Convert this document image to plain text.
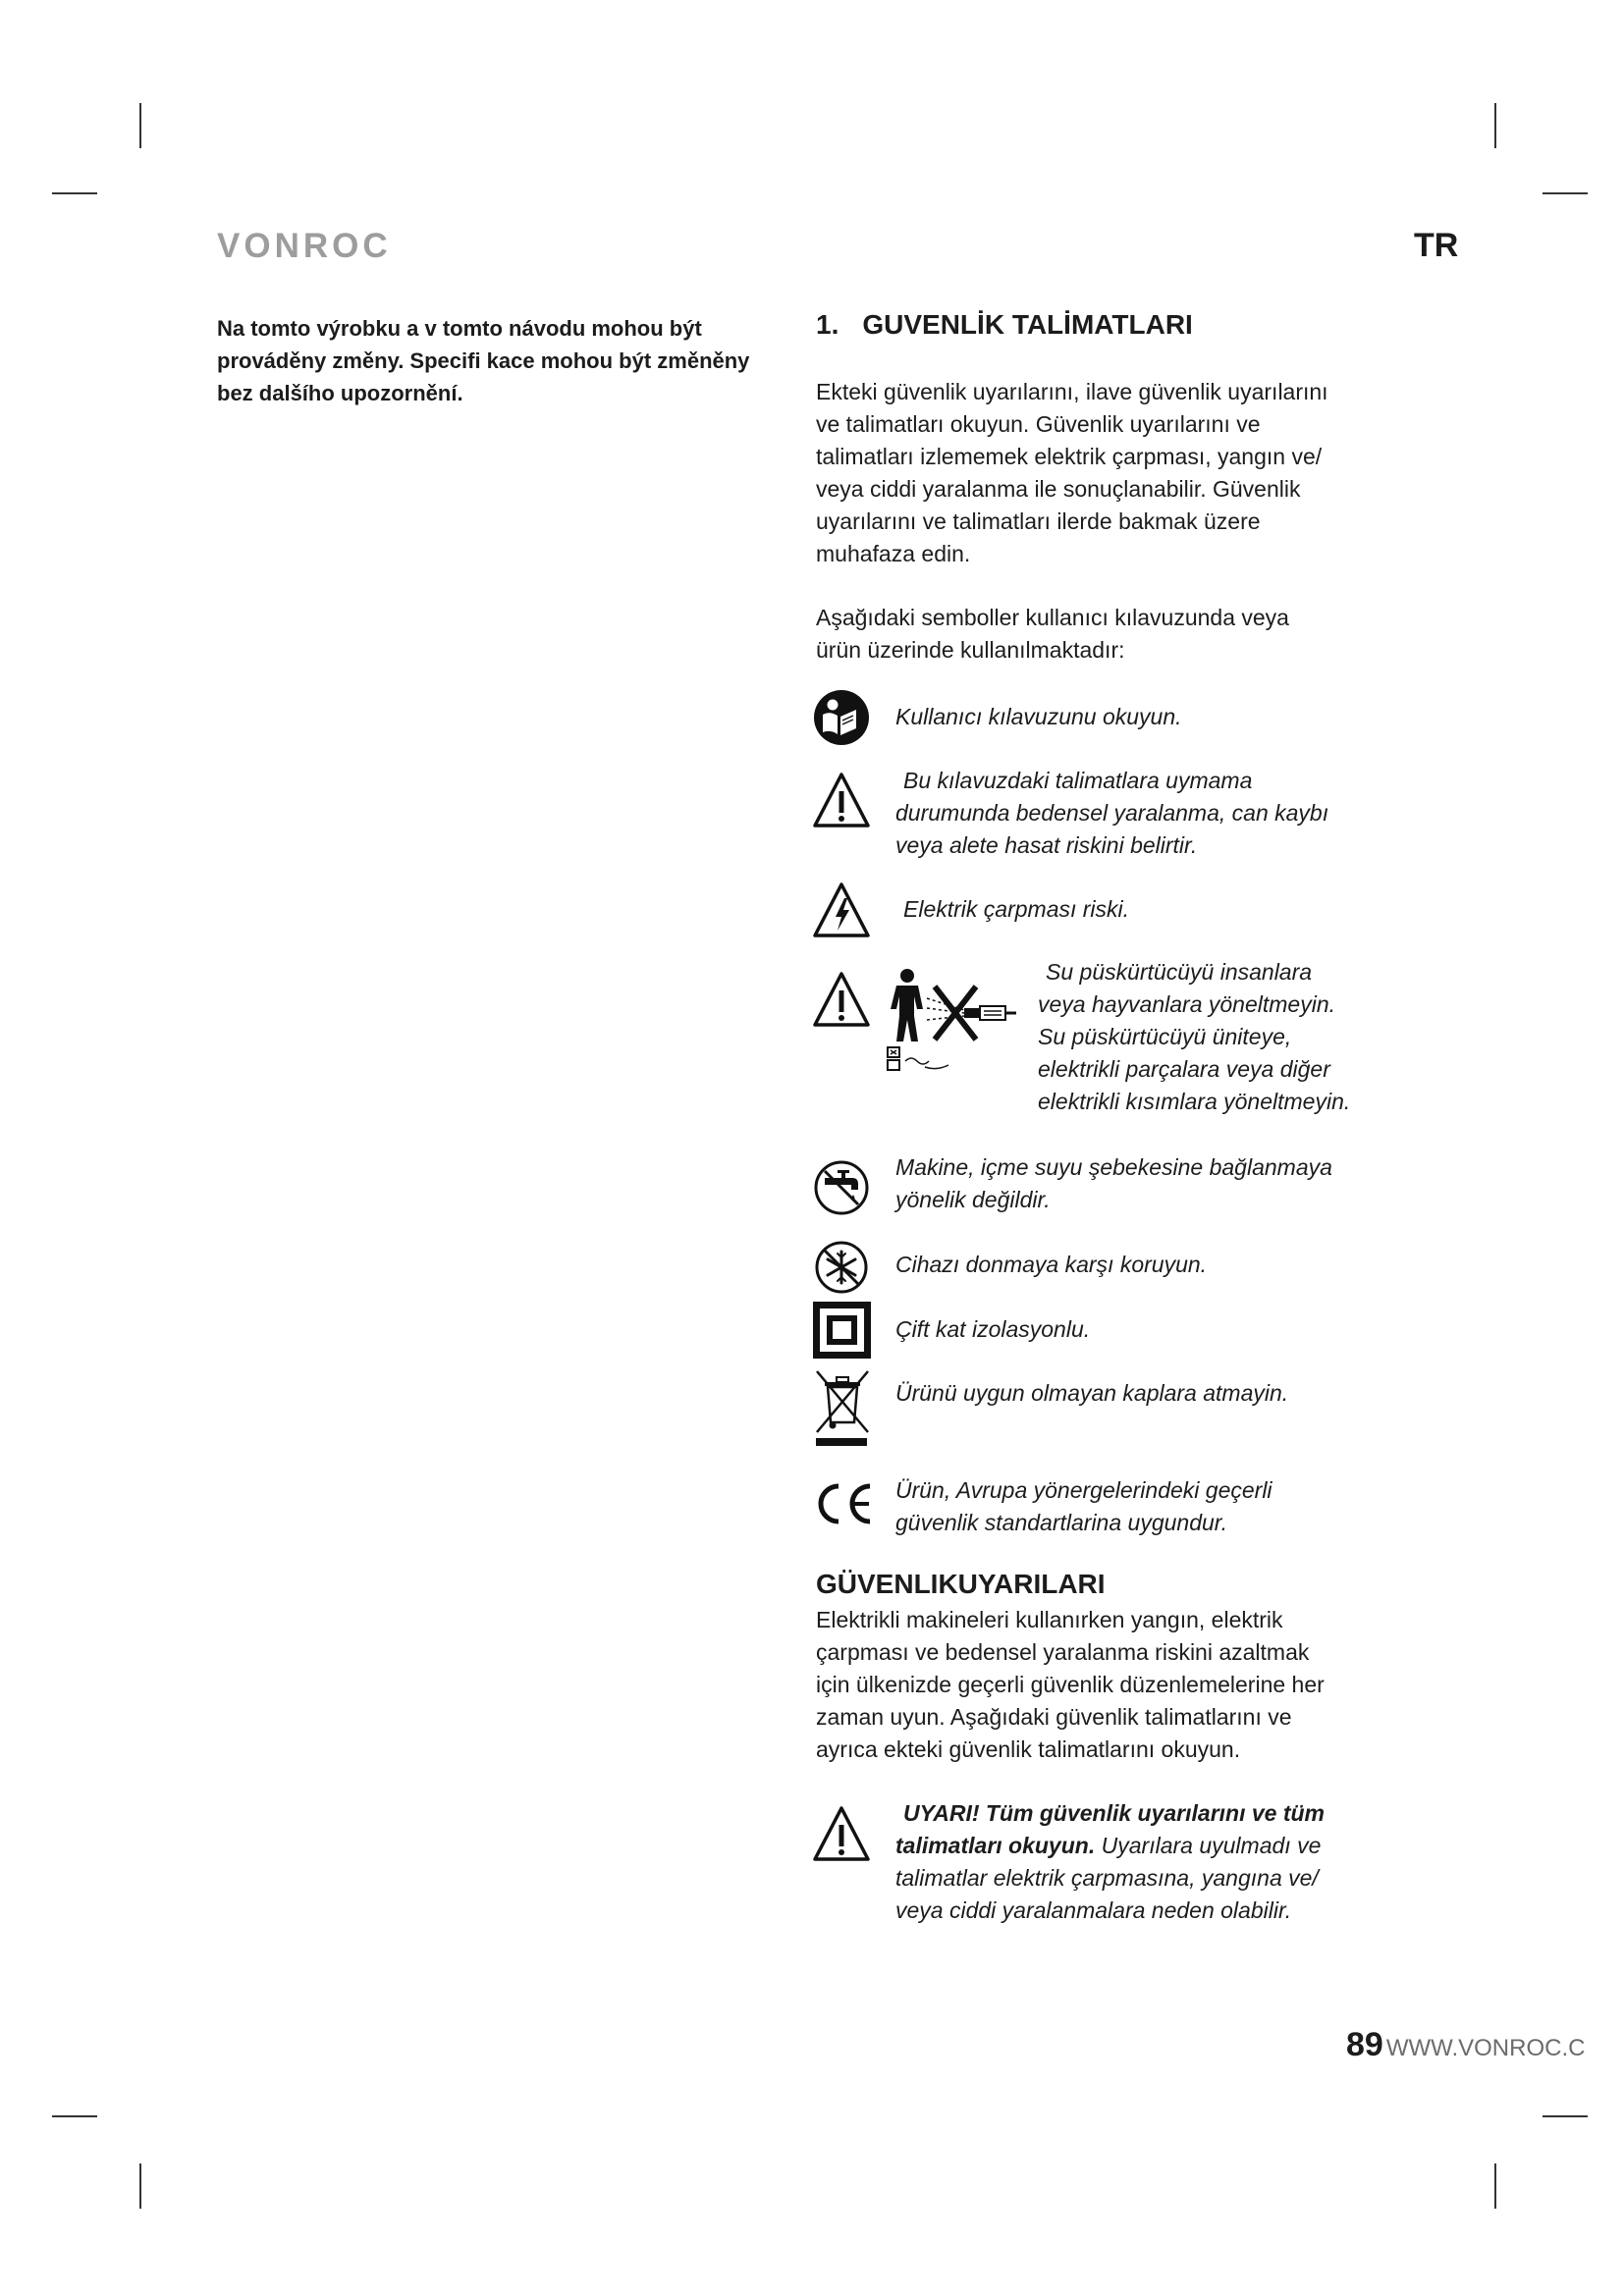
VONROC	TR
Na tomto výrobku a v tomto návodu mohou být
prováděny změny. Specifi kace mohou být změněny
bez dalšího upozornění.
1. GUVENLİK TALİMATLARI
Ekteki güvenlik uyarılarını, ilave güvenlik uyarılarını
ve talimatları okuyun. Güvenlik uyarılarını ve
talimatları izlememek elektrik çarpması, yangın ve/
veya ciddi yaralanma ile sonuçlanabilir. Güvenlik
uyarılarını ve talimatları ilerde bakmak üzere
muhafaza edin.
Aşağıdaki semboller kullanıcı kılavuzunda veya
ürün üzerinde kullanılmaktadır:
Kullanıcı kılavuzunu okuyun.
Bu kılavuzdaki talimatlara uymama
durumunda bedensel yaralanma, can kaybı
veya alete hasat riskini belirtir.
Elektrik çarpması riski.
Su püskürtücüyü insanlara
veya hayvanlara yöneltmeyin.
Su püskürtücüyü üniteye,
elektrikli parçalara veya diğer
elektrikli kısımlara yöneltmeyin.
Makine, içme suyu şebekesine bağlanmaya
yönelik değildir.
Cihazı donmaya karşı koruyun.
Çift kat izolasyonlu.
Ürünü uygun olmayan kaplara atmayin.
Ürün, Avrupa yönergelerindeki geçerli
güvenlik standartlarina uygundur.
GÜVENLIKUYARILARI
Elektrikli makineleri kullanırken yangın, elektrik
çarpması ve bedensel yaralanma riskini azaltmak
için ülkenizde geçerli güvenlik düzenlemelerine her
zaman uyun. Aşağıdaki güvenlik talimatlarını ve
ayrıca ekteki güvenlik talimatlarını okuyun.
UYARI! Tüm güvenlik uyarılarını ve tüm
talimatları okuyun. Uyarılara uyulmadı ve
talimatlar elektrik çarpmasına, yangına ve/
veya ciddi yaralanmalara neden olabilir.
89 WWW.VONROC.C
